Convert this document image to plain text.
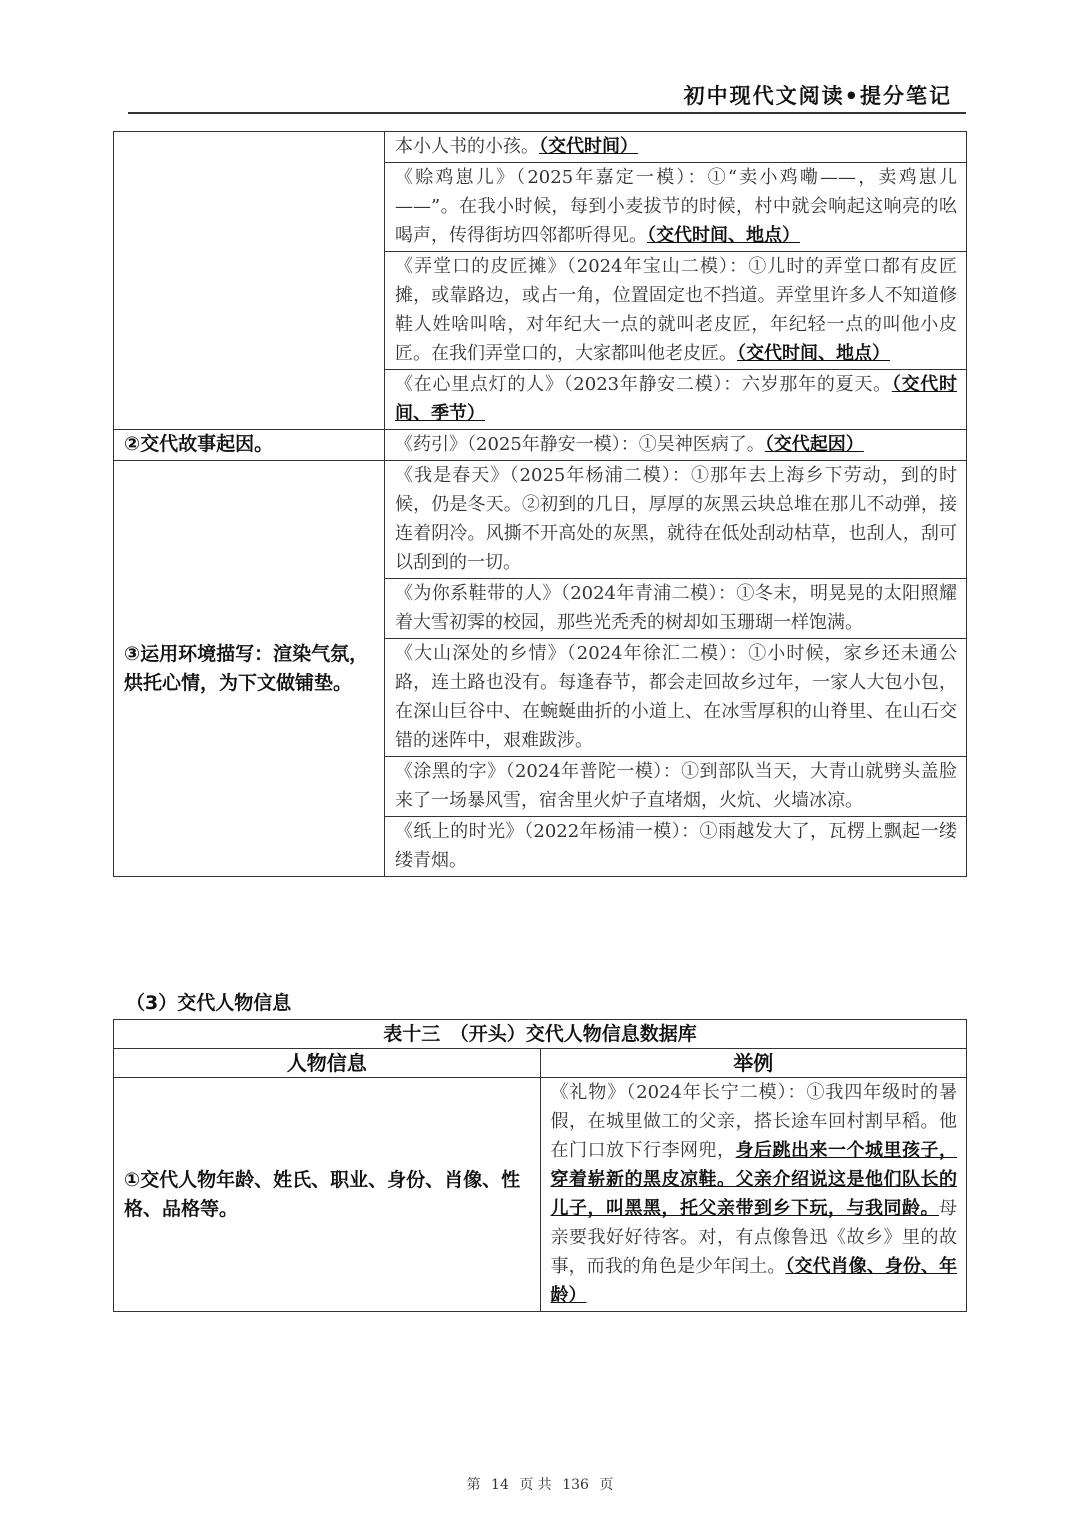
初中现代文阅读•提分笔记
	本小人书的小孩。（交代时间）
	《赊鸡崽儿》（2025年嘉定一模）：①“卖小鸡嘞——，卖鸡崽儿——”。在我小时候，每到小麦拔节的时候，村中就会响起这响亮的吆喝声，传得街坊四邻都听得见。（交代时间、地点）
	《弄堂口的皮匠摊》（2024年宝山二模）：①儿时的弄堂口都有皮匠摊，或靠路边，或占一角，位置固定也不挡道。弄堂里许多人不知道修鞋人姓啥叫啥，对年纪大一点的就叫老皮匠，年纪轻一点的叫他小皮匠。在我们弄堂口的，大家都叫他老皮匠。（交代时间、地点）
	《在心里点灯的人》（2023年静安二模）：六岁那年的夏天。（交代时间、季节）
②交代故事起因。	《药引》（2025年静安一模）：①吴神医病了。（交代起因）
③运用环境描写：渲染气氛，烘托心情，为下文做铺垫。	《我是春天》（2025年杨浦二模）：①那年去上海乡下劳动，到的时候，仍是冬天。②初到的几日，厚厚的灰黑云块总堆在那儿不动弹，接连着阴冷。风撕不开高处的灰黑，就待在低处刮动枯草，也刮人，刮可以刮到的一切。
	《为你系鞋带的人》（2024年青浦二模）：①冬末，明晃晃的太阳照耀着大雪初霁的校园，那些光秃秃的树却如玉珊瑚一样饱满。
	《大山深处的乡情》（2024年徐汇二模）：①小时候，家乡还未通公路，连土路也没有。每逢春节，都会走回故乡过年，一家人大包小包，在深山巨谷中、在蜿蜒曲折的小道上、在冰雪厚积的山脊里、在山石交错的迷阵中，艰难跋涉。
	《涂黑的字》（2024年普陀一模）：①到部队当天，大青山就劈头盖脸来了一场暴风雪，宿舍里火炉子直堵烟，火炕、火墙冰凉。
	《纸上的时光》（2022年杨浦一模）：①雨越发大了，瓦楞上飘起一缕缕青烟。
（3）交代人物信息
表十三　（开头）交代人物信息数据库	
人物信息	举例
①交代人物年龄、姓氏、职业、身份、肖像、性格、品格等。	《礼物》（2024年长宁二模）：①我四年级时的暑假，在城里做工的父亲，搭长途车回村割早稻。他在门口放下行李网兜，身后跳出来一个城里孩子，穿着崭新的黑皮凉鞋。父亲介绍说这是他们队长的儿子，叫黑黑，托父亲带到乡下玩，与我同龄。母亲要我好好待客。对，有点像鲁迅《故乡》里的故事，而我的角色是少年闰土。（交代肖像、身份、年龄）
第 14 页 共 136 页
